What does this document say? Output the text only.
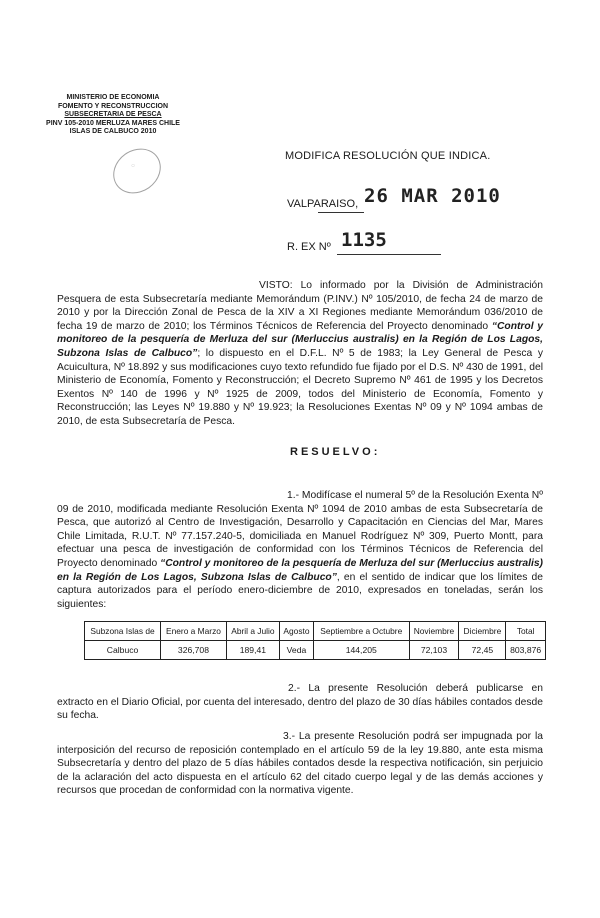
MINISTERIO DE ECONOMIA
FOMENTO Y RECONSTRUCCION
SUBSECRETARIA DE PESCA
PINV 105-2010 MERLUZA MARES CHILE
ISLAS DE CALBUCO 2010
◌
MODIFICA RESOLUCIÓN QUE INDICA.
VALPARAISO, 26 MAR 2010
R. EX Nº 1135

VISTO: Lo informado por la División de Administración Pesquera de esta Subsecretaría mediante Memorándum (P.INV.) Nº 105/2010, de fecha 24 de marzo de 2010 y por la Dirección Zonal de Pesca de la XIV a XI Regiones mediante Memorándum 036/2010 de fecha 19 de marzo de 2010; los Términos Técnicos de Referencia del Proyecto denominado “Control y monitoreo de la pesquería de Merluza del sur (Merluccius australis) en la Región de Los Lagos, Subzona Islas de Calbuco”; lo dispuesto en el D.F.L. Nº 5 de 1983; la Ley General de Pesca y Acuicultura, Nº 18.892 y sus modificaciones cuyo texto refundido fue fijado por el D.S. Nº 430 de 1991, del Ministerio de Economía, Fomento y Reconstrucción; el Decreto Supremo Nº 461 de 1995 y los Decretos Exentos Nº 140 de 1996 y Nº 1925 de 2009, todos del Ministerio de Economía, Fomento y Reconstrucción; las Leyes Nº 19.880 y Nº 19.923; la Resoluciones Exentas Nº 09 y Nº 1094 ambas de 2010, de esta Subsecretaría de Pesca.

RESUELVO:

1.- Modifícase el numeral 5º de la Resolución Exenta Nº 09 de 2010, modificada mediante Resolución Exenta Nº 1094 de 2010 ambas de esta Subsecretaría de Pesca, que autorizó al Centro de Investigación, Desarrollo y Capacitación en Ciencias del Mar, Mares Chile Limitada, R.U.T. Nº 77.157.240-5, domiciliada en Manuel Rodríguez Nº 309, Puerto Montt, para efectuar una pesca de investigación de conformidad con los Términos Técnicos de Referencia del Proyecto denominado “Control y monitoreo de la pesquería de Merluza del sur (Merluccius australis) en la Región de Los Lagos, Subzona Islas de Calbuco”, en el sentido de indicar que los límites de captura autorizados para el período enero-diciembre de 2010, expresados en toneladas, serán los siguientes:

Subzona Islas de	Enero a Marzo	Abril a Julio	Agosto	Septiembre a Octubre	Noviembre	Diciembre	Total
Calbuco	326,708	189,41	Veda	144,205	72,103	72,45	803,876

2.- La presente Resolución deberá publicarse en extracto en el Diario Oficial, por cuenta del interesado, dentro del plazo de 30 días hábiles contados desde su fecha.

3.- La presente Resolución podrá ser impugnada por la interposición del recurso de reposición contemplado en el artículo 59 de la ley 19.880, ante esta misma Subsecretaría y dentro del plazo de 5 días hábiles contados desde la respectiva notificación, sin perjuicio de la aclaración del acto dispuesta en el artículo 62 del citado cuerpo legal y de las demás acciones y recursos que procedan de conformidad con la normativa vigente.
